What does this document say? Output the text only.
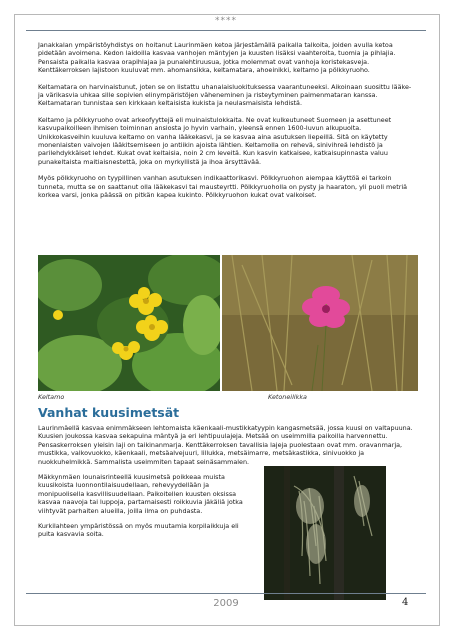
****

Janakkalan ympäristöyhdistys on hoitanut Laurinmäen ketoa järjestämällä paikalla talkoita, joiden avulla ketoa pidetään avoimena. Kedon laidoilla kasvaa vanhojen mäntyjen ja kuusten lisäksi vaahteroita, tuomia ja pihlajia. Pensaista paikalla kasvaa orapihlajaa ja punalehtiruusua, jotka molemmat ovat vanhoja koristekasveja. Kenttäkerroksen lajistoon kuuluvat mm. ahomansikka, keltamatara, ahoeinikki, keltamo ja pölkkyruoho.

Keltamatara on harvinaistunut, joten se on listattu uhanalaisluokituksessa vaarantuneeksi. Aikoinaan suosittu lääke- ja värikasvia uhkaa sille sopivien elinympäristöjen väheneminen ja risteytyminen paimenmataran kanssa. Keltamataran tunnistaa sen kirkkaan keltaisista kukista ja neulasmaisista lehdistä.

Keltamo ja pölkkyruoho ovat arkeofyyttejä eli muinaistulokkaita. Ne ovat kulkeutuneet Suomeen ja asettuneet kasvupaikoilleen ihmisen toiminnan ansiosta jo hyvin varhain, yleensä ennen 1600-luvun alkupuolta. Unikkokasveihin kuuluva keltamo on vanha lääkekasvi, ja se kasvaa aina asutuksen liepeillä. Sitä on käytetty monenlaisten vaivojen lääkitsemiseen jo antiikin ajoista lähtien. Keltamolla on rehevä, sinivihreä lehdistö ja parilehdykkäiset lehdet. Kukat ovat keltaisia, noin 2 cm leveitä. Kun kasvin katkaisee, katkaisupinnasta valuu punakeltaista maitiaisnestettä, joka on myrkyllistä ja ihoa ärsyttävää.

Myös pölkkyruoho on tyypillinen vanhan asutuksen indikaattorikasvi. Pölkkyruohon aiempaa käyttöä ei tarkoin tunneta, mutta se on saattanut olla lääkekasvi tai mausteyrtti. Pölkkyruoholla on pysty ja haaraton, yli puoli metriä korkea varsi, jonka päässä on pitkän kapea kukinto. Pölkkyruohon kukat ovat valkoiset.

Keltamo	Ketoneilikka
Vanhat kuusimetsät

Laurinmäellä kasvaa enimmäkseen lehtomaista käenkaali-mustikkatyypin kangasmetsää, jossa kuusi on valtapuuna. Kuusien joukossa kasvaa sekapuina mäntyä ja eri lehtipuulajeja. Metsää on useimmilla paikoilla harvennettu. Pensaskerroksen yleisin laji on taikinanmarja. Kenttäkerroksen tavallisia lajeja puolestaan ovat mm. oravanmarja, mustikka, valkovuokko, käenkaali, metsäalvejuuri, lillukka, metsäimarre, metsäkastikka, sinivuokko ja nuokkuhelmikkä. Sammalista useimmiten tapaat seinäsammalen.

Mäkkynmäen lounaisrinteellä kuusimetsä poikkeaa muista kuusikoista luonnontilaisuudellaan, rehevyydellään ja monipuolisella kasvillisuudellaan. Paikoitellen kuusten oksissa kasvaa naavoja tai luppoja, partamaisesti roikkuvia jäkäliä jotka viihtyvät parhaiten alueilla, joilla ilma on puhdasta.

Kurkilahteen ympäristössä on myös muutamia korpilaikkuja eli puita kasvavia soita.

2009	4
